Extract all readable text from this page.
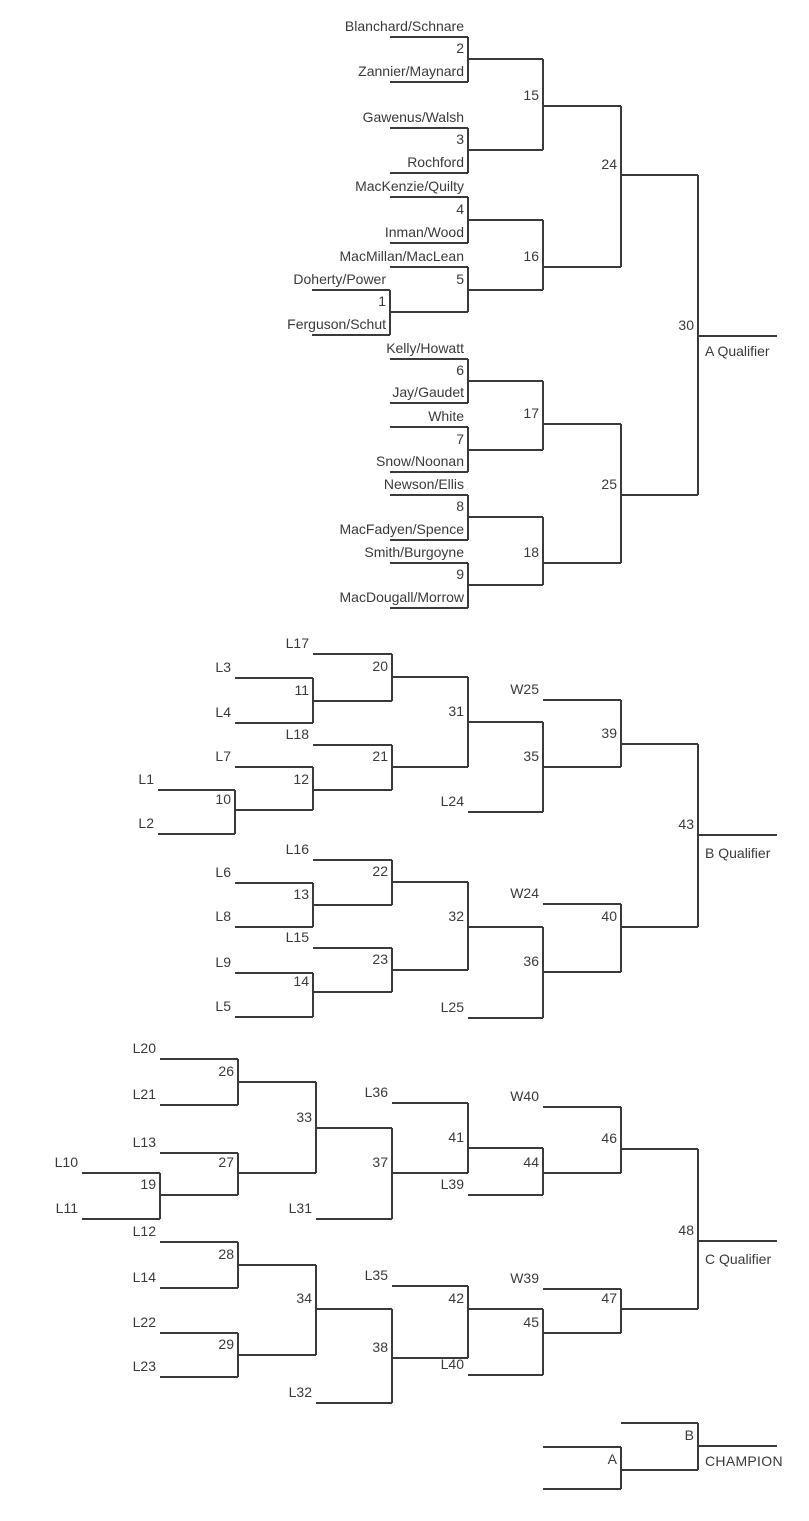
Blanchard/Schnare
Zannier/Maynard
Gawenus/Walsh
Rochford
MacKenzie/Quilty
Inman/Wood
MacMillan/MacLean
Doherty/Power
Ferguson/Schut
Kelly/Howatt
Jay/Gaudet
White
Snow/Noonan
Newson/Ellis
MacFadyen/Spence
Smith/Burgoyne
MacDougall/Morrow
1
2
3
4
5
6
7
8
9
15
16
17
18
24
25
30
A Qualifier
L17
L3
L4
L18
L7
L1
L2
L24
W25
L16
L6
L8
L15
L9
L5	L25
W24
10
11
12
13
14
20
21
22
23
31
32
35
36
39
40
43
B Qualifier
L20
L21
L13
L10
L11
L12
L14
L22
L23
L31
L32
L36
L35
L39
L40
W40
W39
19
26
27
28
29
33
34
37
38
41
42
44
45
46
47
48
C Qualifier
A
B
CHAMPION
